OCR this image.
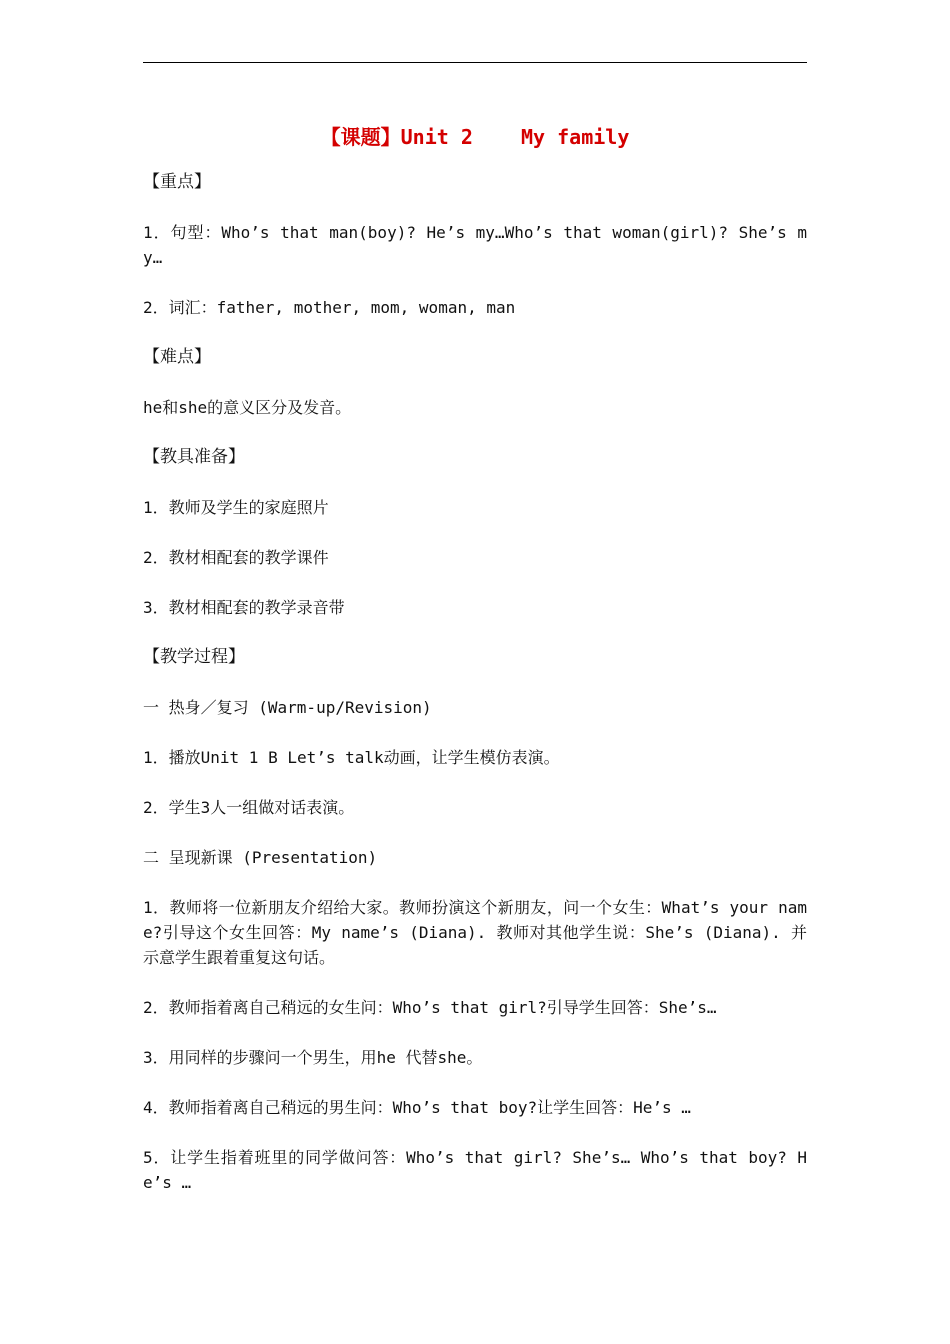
【课题】Unit 2    My family
【重点】
1．句型：Who’s that man(boy)? He’s my…Who’s that woman(girl)? She’s my…
2．词汇：father, mother, mom, woman, man
【难点】
he和she的意义区分及发音。
【教具准备】
1．教师及学生的家庭照片
2．教材相配套的教学课件
3．教材相配套的教学录音带
【教学过程】
一 热身／复习 (Warm-up/Revision)
1．播放Unit 1 B Let’s talk动画，让学生模仿表演。
2．学生3人一组做对话表演。
二 呈现新课 (Presentation)
1．教师将一位新朋友介绍给大家。教师扮演这个新朋友，问一个女生：What’s your name?引导这个女生回答：My name’s (Diana). 教师对其他学生说：She’s (Diana). 并示意学生跟着重复这句话。
2．教师指着离自己稍远的女生问：Who’s that girl?引导学生回答：She’s…
3．用同样的步骤问一个男生，用he 代替she。
4．教师指着离自己稍远的男生问：Who’s that boy?让学生回答：He’s …
5．让学生指着班里的同学做问答：Who’s that girl? She’s… Who’s that boy? He’s …
